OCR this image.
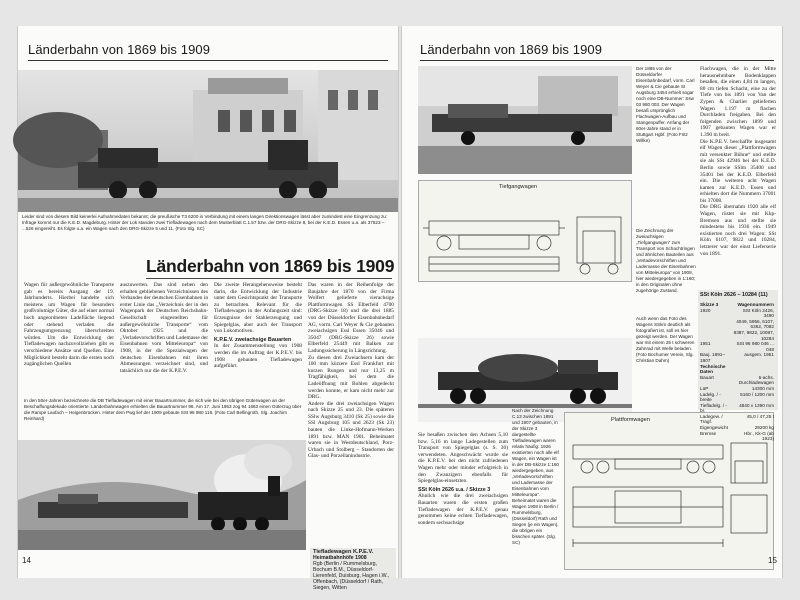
Länderbahn von 1869 bis 1909
Leider sind von diesem Bild keinerlei Aufnahmedaten bekannt; die preußische T3 6200 in Verbindung mit einem langen Direktionswagen lässt aber zumindest eine Eingrenzung zu: Infrage kommt nur die K.E.D. Magdeburg. Hinter der Lok standen zwei Tiefladewagen nach dem Musterblatt C.1.57 bzw. der DRG-Skizze 8, bei der K.E.D. Essen u.a. als 37523 – ...526 eingereiht. Es folgte u.a. ein Wagen nach den DRG-Skizze 5 und 11. (Foto Slg. SC)
Länderbahn von 1869 bis 1909
Wagen für außergewöhnliche Transporte gab es bereits Ausgang der 19. Jahrhunderts. Hierbei handelte sich meistens um Wagen für besonders großvolumige Güter, die auf einer normal hoch angeordneten Ladefläche liegend oder stehend verladen die Fahrzeugumgrenzung überschreiten würden. Um die Entwicklung der Tiefladewagen nachzuvollziehen gibt es verschiedene Ansätze und Quellen. Eine Möglichkeit besteht darin die ersten noch zugänglichen Quellen
auszuwerten. Das sind neben den erhalten gebliebenen Verzeichnissen des Verbandes der deutschen Eisenbahnen in erster Linie das „Verzeichnis der in den Wagenpark der Deutschen Reichsbahn-Gesellschaft eingestellten für außergewöhnliche Transporte“ vom Oktober 1925 und die „Verladevorschriften und Lademasse der Eisenbahnen vom Mitteleuropa“ von 1908, in der die Spezialwagen der deutschen Eisenbahnen mit ihren Abmessungen verzeichnet sind, und tatsächlich nur die der K.P.E.V.
Die zweite Herangehensweise besteht darin, die Entwicklung der Industrie unter dem Gesichtspunkt der Transporte zu betrachten. Relevant für die Tiefladewagen in der Anfangszeit sind: Erzeugnisse der Stahlerzeugung und Spiegelglas, aber auch der Transport von Lokomotiven.
K.P.E.V. zweiachsige Bauarten
In der Zusammenstellung von 1908 werden die im Auftrag der K.P.E.V. bis 1908 gebauten Tiefladewagen aufgeführt.
Das waren in der Reihenfolge der Baujahre der 1870 von der Firma Wolfert gelieferte vierachsige Plattformwagen SS Elberfeld 4700 (DRG-Skizze 18) und die drei 1885 von der Düsseldorfer Eisenbahnbedarf AG, vorm. Carl Weyer & Cie gebauten zweiachsigen Essl Essen 35046 und 35047 (DRG-Skizze 26) sowie Elberfeld 25449 mit Balken zur Ladungssicherung in Längsrichtung.
Zu diesen drei Zweiachsern kam der 100 mm kürzere Essl Frankfurt mit kurzen Rungen und nur 13,25 m Tragfähigkeit, bei dem die Ladeöffnung mit Bohlen abgedeckt werden konnte, er kam nicht mehr zur DRG.
Andere die drei zweiachsigen Wagen nach Skizze 25 und 23. Die späteren SSlw Augsburg 3410 (Sk 25) sowie die SSl Augsburg 105 und 2623 (Sk 23) bauten die Linke-Hofmann-Werken 1891 bzw. MAN 1901. Beheimatet waren sie in Westdeutschland, Porz-Urbach und Stolberg – Standorten der Glas- und Porzellanindustrie.
In den 50er-Jahren bezeichnete die DB Tiefladewagen mit einer Bauartnummer, die sich wie bei den übrigen Güterwagen an der Beschaffungsdekade orientierte. Länderbahnwagen erhielten die Bauartnummer 96. Am 17. Juni 1953 zog 94 1663 einen Güterzug über die Rampe Laufach – Heigenbrücken. Hinter dem Pwg lief der 1909 gebaute SSt 96 980 116. (Foto Carl Bellingroth, Slg. Joachim Reinhard)
Tiefladewagen K.P.E.V.
Heimatbahnhöfe 1908
Rgb (Berlin / Rummelsburg, Bochum B.M., Düsseldorf-Lierenfeld, Duisburg, Hagen i.W., Offenbach, (Düsseldorf / Rath, Siegen, Witten
14
Länderbahn von 1869 bis 1909
Der 1885 von der Düsseldorfer Eisenbahnbedarf, vorm. Carl Weyer & Cie gebaute St Augsburg 3454 erhielt sogar noch eine DB-Nummer: Ssw 03 980 003. Der Wagen besaß ursprünglich Flachwagen-Aufbau und Stangenpuffer. Anfang der 60er-Jahre stand er in Stuttgart Hgbf. (Foto Fritz Willke)
Tiefgangwagen
Die Zeichnung der zweiachsigen „Tiefgangwagen“ zum Transport von Schachtringen und ähnlichen Bauteilen aus „Verladevorschriften und Lademasse der Eisenbahnen von Mitteleuropa“ von 1908, hier wiedergegeben in 1:160; in den Originalen ohne zugehörige Zustand.
Auch wenn das Foto des Wagens SSkm deutlich als fotografiert ist, soll es hier gezeigt werden. Der Wagen war mit einem 25 t schweren Zahnrad mit Welle beladen. (Foto Bochumer Verein, Slg. Christian Dahm)
Sie besaßen zwischen den Achsen 5,10 bzw. 5,16 m lange Ladegestellen zum Transport von Spiegelglas (s. S. 30) verwendeten. Angeschwächt wurde sie die K.P.E.V. bei den nicht zufriedenen Wagen mehr oder minder erfolgreich in den Zwanzigern ebenfalls für Spiegelglas-einsetzten.
SSt Köln 2626 u.a. / Skizze 3
Ähnlich wie die drei zweiachsigen Bauarten waren die ersten großen Tiefladewagen der K.P.E.V. genau genommen keine echten Tiefladewagen, sondern sechsachsige
Nach der Zeichnung C.13 zwischen 1891 und 1907 gebauten, in der Skizze 3 dargestellte Tiefladewagen waren relativ häufig: 1926 existierten noch alle elf Wagen, ein Wagen ist in der DB-Skizze 1:160 wiedergegeben, aus „Verladevorschriften und Lademasse der Eisenbahnen vom Mitteleuropa“. Beheimatet waren die Wagen 1908 in Berlin / Rummelsburg, (Düsseldorf) Rath und Siegen (je ein Wagen), die übrigen ein bisschen später. (Slg. SC)
Plattformwagen
Flachwagen, die in der Mitte herausnehmbare Bodenklappen besaßen, die einen 4,84 m langen, 80 cm tiefen Schacht, eine zu der Tiefe von bis 1891 von Van der Zypen & Charlier gelieferten Wagen 1.197 m flachen Durchladen freigaben. Bei den folgenden zwischen 1899 und 1907 gebauten Wagen war er 1.390 m breit.
Die K.P.E.V. beschaffte insgesamt elf Wagen dieser „Plattformwagen mit versenkter Bühne“ und stellte sie als SSt 42946 bei der K.E.D. Berlin sowie SSlm 35400 und 35401 bei der K.E.D. Elberfeld ein. Die weiteren acht Wagen kamen zur K.E.D. Essen und erhielten dort die Nummern 37001 bis 37008.
Die DRG übernahm 1920 alle elf Wagen, rüstet sie mit Kkp-Bremsen aus und stellte sie mindestens bis 1936 ein. 1949 existierten noch drei Wagen: SSt Köln 6107, 9822 und 10284, letzterer war der einst Lieferserie von 1891.
SSt Köln 2626 – 10284 (11)
Skizze 3	Wagennummern
1920	SSt Köln 2426, 3490
	4049, 5956, 6107, 6362, 7082
	8387, 9822, 10087, 10284
1951	SSt 96 980 046 ... 048
Bauj. 1891–1907	ausgem. 1951
Technische Daten	
Bauart	6-achs. Durchladewagen
LüP	14300 mm
Ladelg. / -breite	5160 / 1200 mm
Tiefladelg. / -br.	4840 x 1390 mm
Ladegew. / Tragf.	45,0 / 47,25 t
Eigengewicht	29200 kg
Bremse	Hbr., Kk-G (ab 1923)
15
